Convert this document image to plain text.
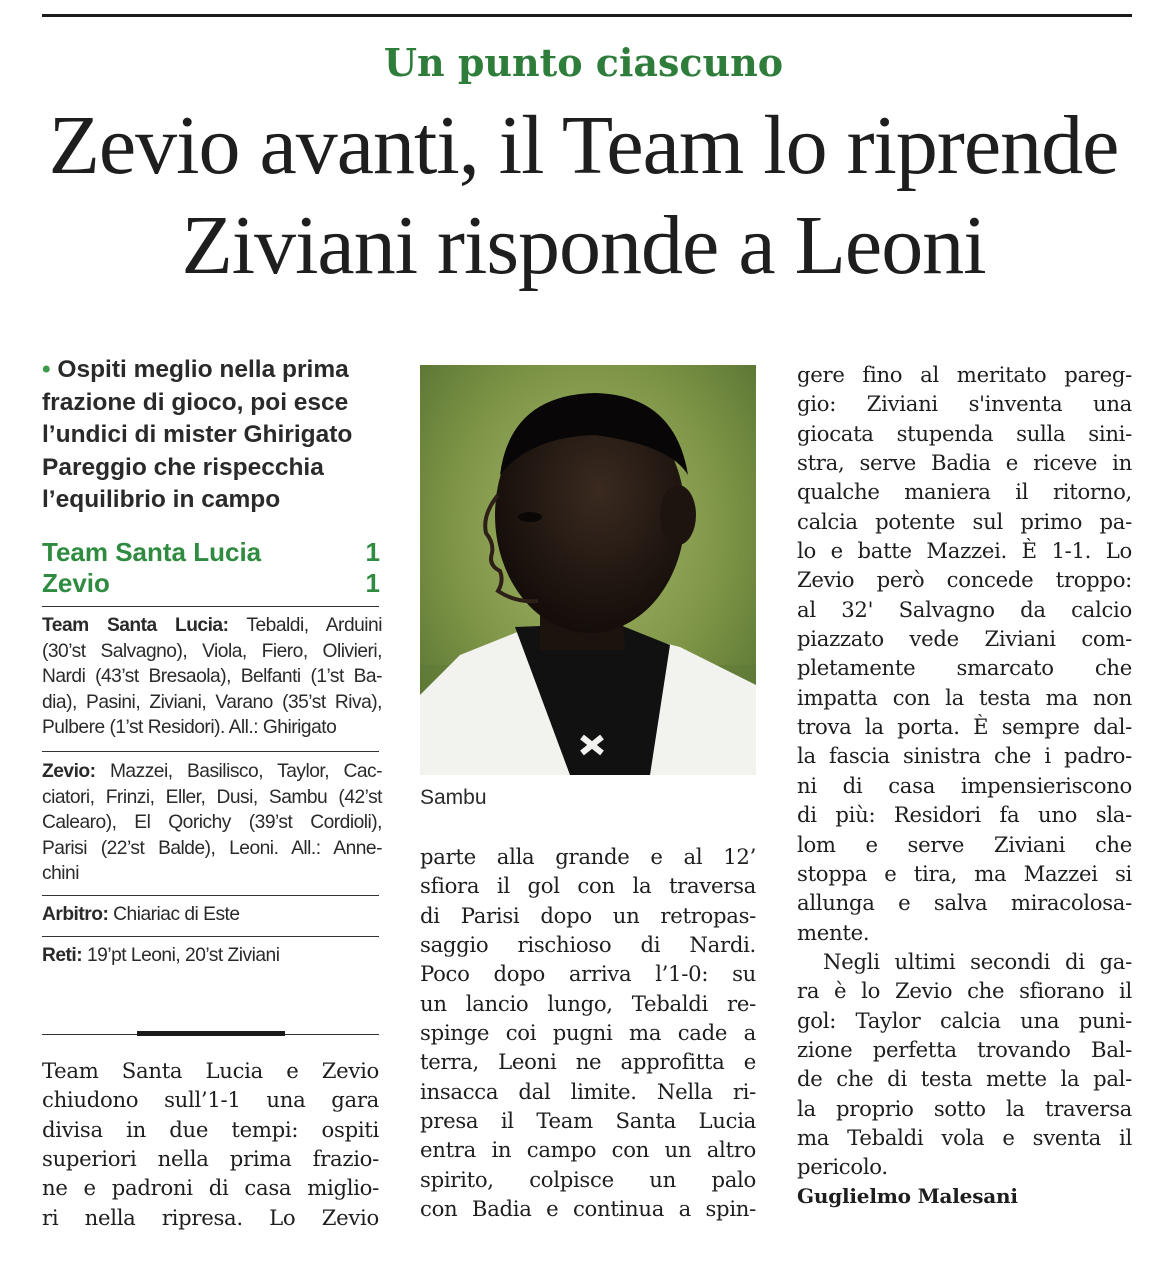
Un punto ciascuno
Zevio avanti, il Team lo riprende
Ziviani risponde a Leoni
• Ospiti meglio nella prima
frazione di gioco, poi esce
l’undici di mister Ghirigato
Pareggio che rispecchia
l’equilibrio in campo
Team Santa Lucia	1
Zevio	1
Team Santa Lucia: Tebaldi, Arduini
(30’st Salvagno), Viola, Fiero, Olivieri,
Nardi (43’st Bresaola), Belfanti (1’st Ba-
dia), Pasini, Ziviani, Varano (35’st Riva),
Pulbere (1’st Residori). All.: Ghirigato
Zevio: Mazzei, Basilisco, Taylor, Cac-
ciatori, Frinzi, Eller, Dusi, Sambu (42’st
Calearo), El Qorichy (39’st Cordioli),
Parisi (22’st Balde), Leoni. All.: Anne-
chini
Arbitro: Chiariac di Este
Reti: 19’pt Leoni, 20’st Ziviani
Team Santa Lucia e Zevio
chiudono sull’1-1 una gara
divisa in due tempi: ospiti
superiori nella prima frazio-
ne e padroni di casa miglio-
ri nella ripresa. Lo Zevio
Sambu
parte alla grande e al 12’
sfiora il gol con la traversa
di Parisi dopo un retropas-
saggio rischioso di Nardi.
Poco dopo arriva l’1-0: su
un lancio lungo, Tebaldi re-
spinge coi pugni ma cade a
terra, Leoni ne approfitta e
insacca dal limite. Nella ri-
presa il Team Santa Lucia
entra in campo con un altro
spirito, colpisce un palo
con Badia e continua a spin-
gere fino al meritato pareg-
gio: Ziviani s'inventa una
giocata stupenda sulla sini-
stra, serve Badia e riceve in
qualche maniera il ritorno,
calcia potente sul primo pa-
lo e batte Mazzei. È 1-1. Lo
Zevio però concede troppo:
al 32' Salvagno da calcio
piazzato vede Ziviani com-
pletamente smarcato che
impatta con la testa ma non
trova la porta. È sempre dal-
la fascia sinistra che i padro-
ni di casa impensieriscono
di più: Residori fa uno sla-
lom e serve Ziviani che
stoppa e tira, ma Mazzei si
allunga e salva miracolosa-
mente.
Negli ultimi secondi di ga-
ra è lo Zevio che sfiorano il
gol: Taylor calcia una puni-
zione perfetta trovando Bal-
de che di testa mette la pal-
la proprio sotto la traversa
ma Tebaldi vola e sventa il
pericolo.
Guglielmo Malesani
